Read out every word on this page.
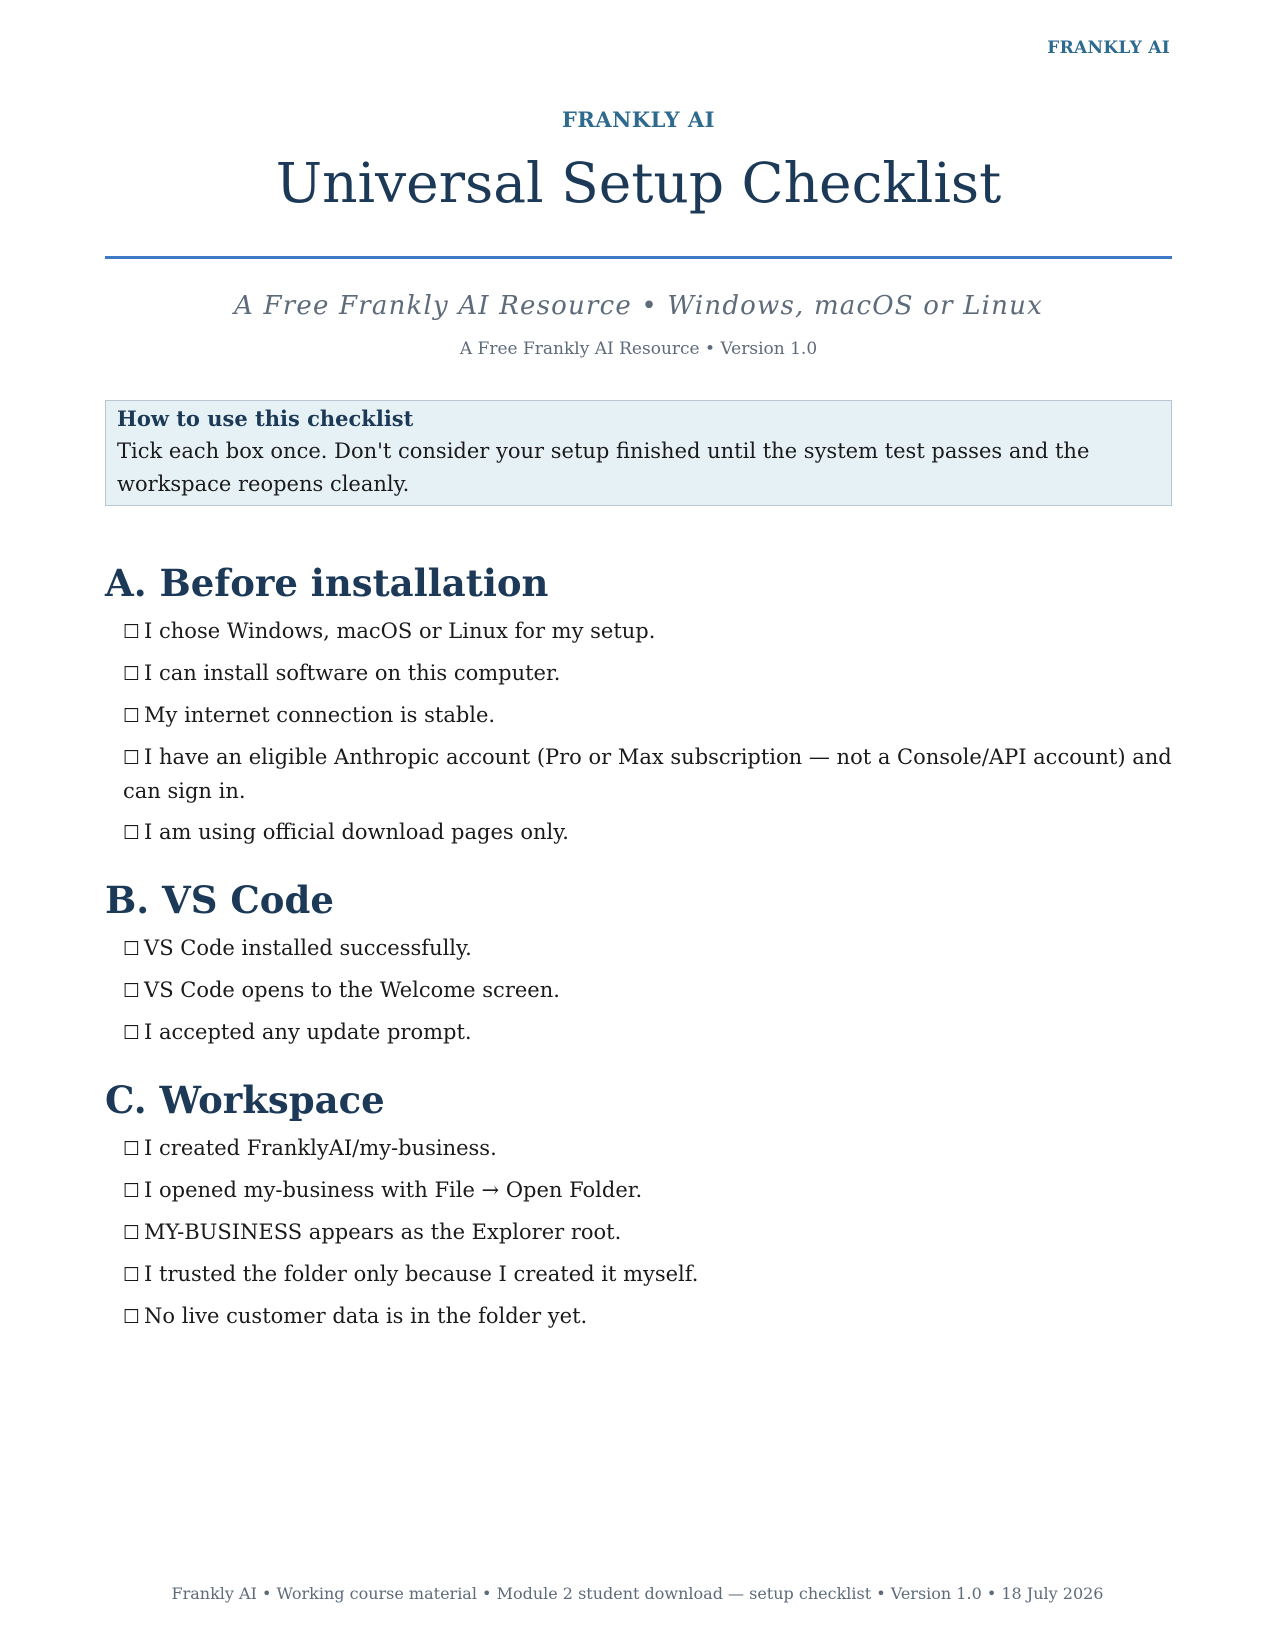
FRANKLY AI
FRANKLY AI
Universal Setup Checklist
A Free Frankly AI Resource • Windows, macOS or Linux
A Free Frankly AI Resource • Version 1.0
How to use this checklist
Tick each box once. Don't consider your setup finished until the system test passes and the workspace reopens cleanly.
A. Before installation
☐ I chose Windows, macOS or Linux for my setup.
☐ I can install software on this computer.
☐ My internet connection is stable.
☐ I have an eligible Anthropic account (Pro or Max subscription — not a Console/API account) and can sign in.
☐ I am using official download pages only.
B. VS Code
☐ VS Code installed successfully.
☐ VS Code opens to the Welcome screen.
☐ I accepted any update prompt.
C. Workspace
☐ I created FranklyAI/my-business.
☐ I opened my-business with File → Open Folder.
☐ MY-BUSINESS appears as the Explorer root.
☐ I trusted the folder only because I created it myself.
☐ No live customer data is in the folder yet.
Frankly AI • Working course material • Module 2 student download — setup checklist • Version 1.0 • 18 July 2026
